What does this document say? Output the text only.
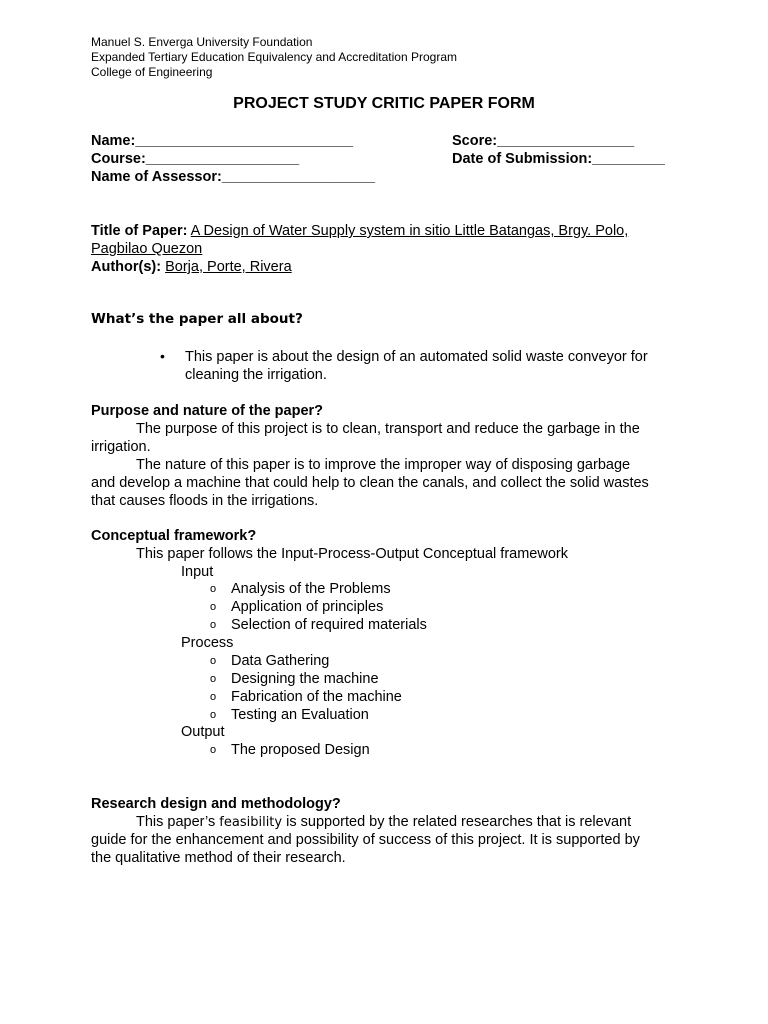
Manuel S. Enverga University Foundation
Expanded Tertiary Education Equivalency and Accreditation Program
College of Engineering
PROJECT STUDY CRITIC PAPER FORM
Name:___________________________	Score:_________________
Course:___________________	Date of Submission:_________
Name of Assessor:___________________
Title of Paper: A Design of Water Supply system in sitio Little Batangas, Brgy. Polo,
Pagbilao Quezon
Author(s): Borja, Porte, Rivera
What’s the paper all about?
• This paper is about the design of an automated solid waste conveyor for
cleaning the irrigation.
Purpose and nature of the paper?
The purpose of this project is to clean, transport and reduce the garbage in the
irrigation.
The nature of this paper is to improve the improper way of disposing garbage
and develop a machine that could help to clean the canals, and collect the solid wastes
that causes floods in the irrigations.
Conceptual framework?
This paper follows the Input-Process-Output Conceptual framework
Input
o Analysis of the Problems
o Application of principles
o Selection of required materials
Process
o Data Gathering
o Designing the machine
o Fabrication of the machine
o Testing an Evaluation
Output
o The proposed Design
Research design and methodology?
This paper’s feasibility is supported by the related researches that is relevant
guide for the enhancement and possibility of success of this project. It is supported by
the qualitative method of their research.
